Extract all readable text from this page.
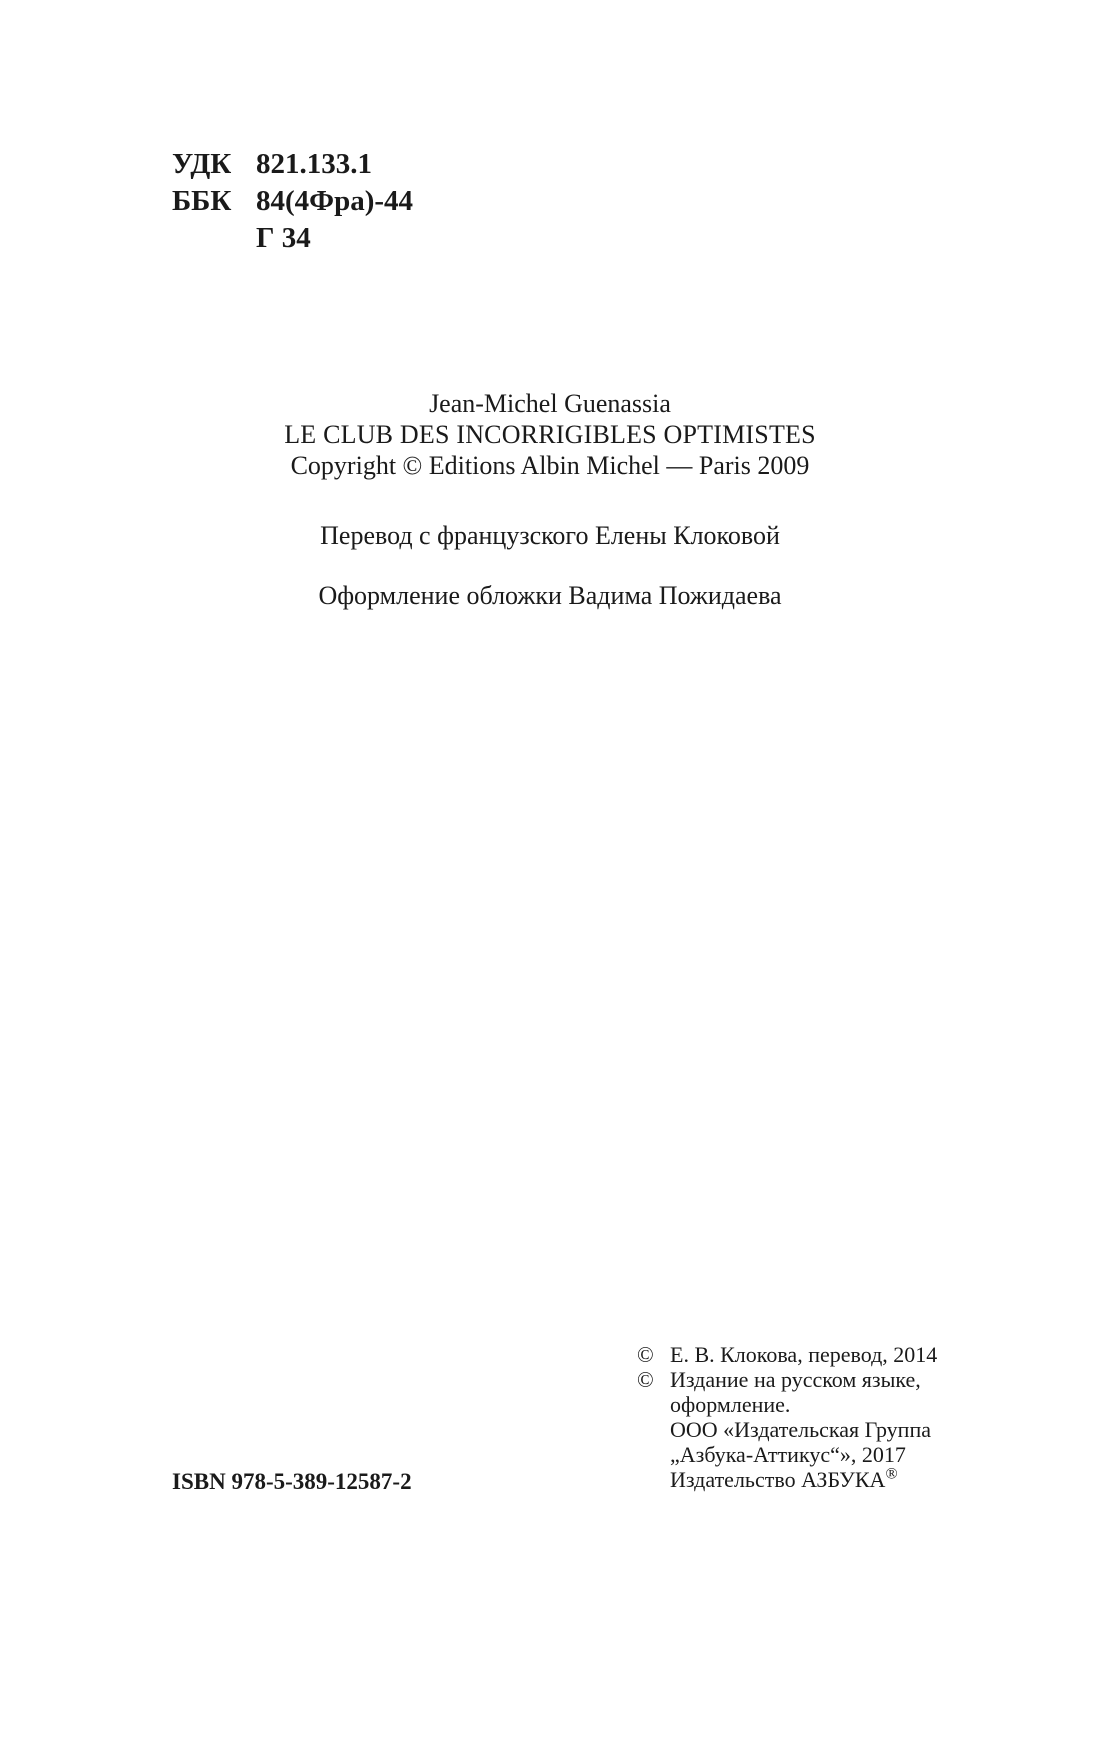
УДК 821.133.1
ББК 84(4Фра)-44
Г 34
Jean-Michel Guenassia
LE CLUB DES INCORRIGIBLES OPTIMISTES
Copyright © Editions Albin Michel — Paris 2009
Перевод с французского Елены Клоковой
Оформление обложки Вадима Пожидаева
ISBN 978-5-389-12587-2
© Е. В. Клокова, перевод, 2014
© Издание на русском языке,
оформление.
ООО «Издательская Группа
„Азбука-Аттикус“», 2017
Издательство АЗБУКА®
